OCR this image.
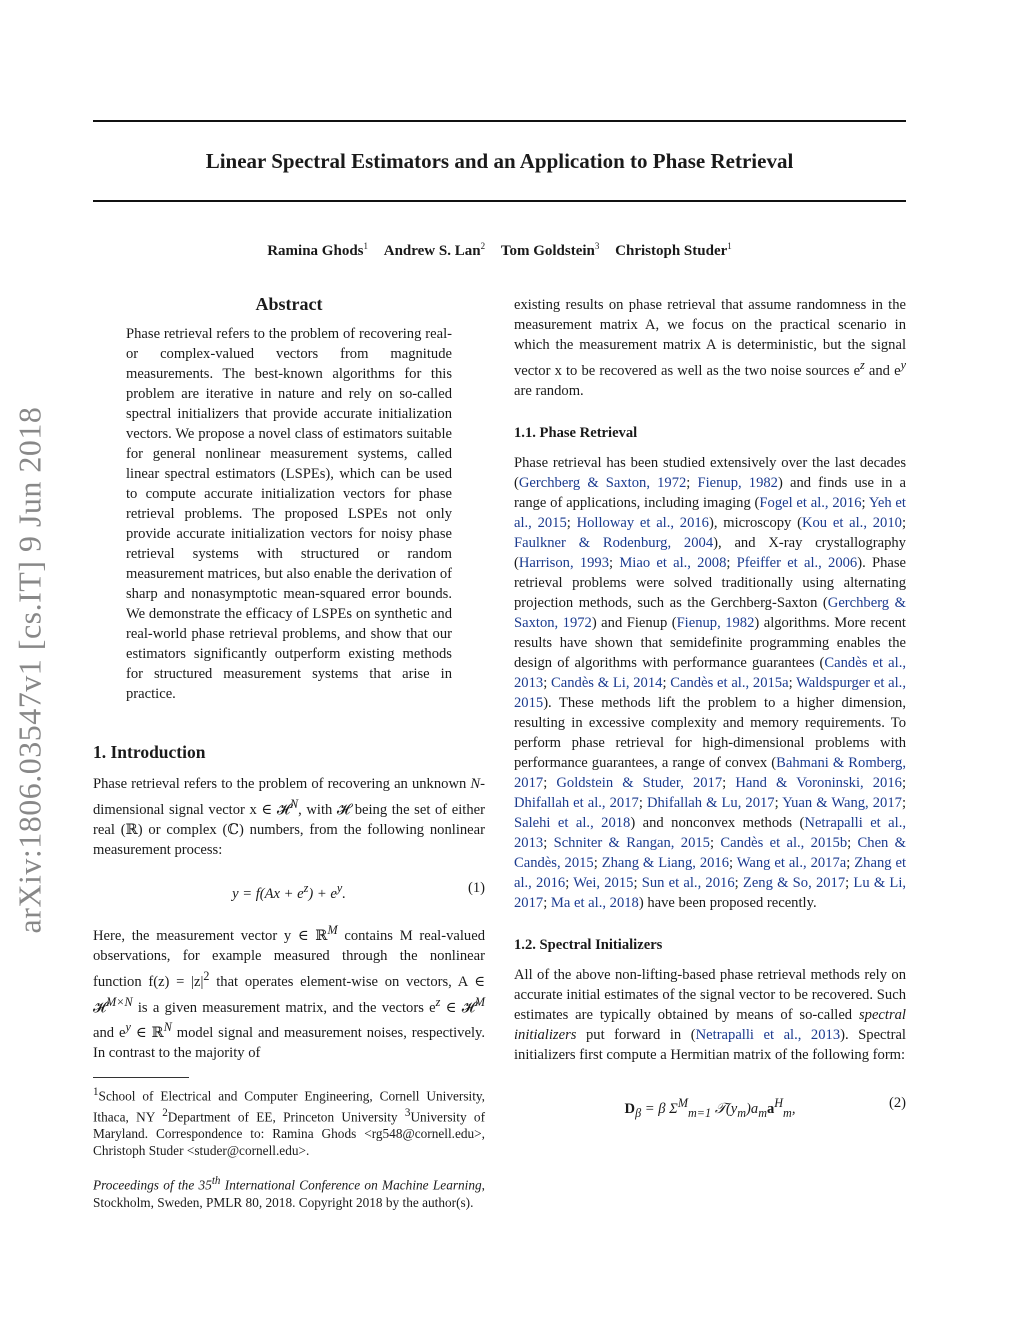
Linear Spectral Estimators and an Application to Phase Retrieval
Ramina Ghods$^1$ Andrew S. Lan$^2$ Tom Goldstein$^3$ Christoph Studer$^1$
arXiv:1806.03547v1 [cs.IT] 9 Jun 2018
Abstract

Phase retrieval refers to the problem of recovering real- or complex-valued vectors from magnitude measurements. The best-known algorithms for this problem are iterative in nature and rely on so-called spectral initializers that provide accurate initialization vectors. We propose a novel class of estimators suitable for general nonlinear measurement systems, called linear spectral estimators (LSPEs), which can be used to compute accurate initialization vectors for phase retrieval problems. The proposed LSPEs not only provide accurate initialization vectors for noisy phase retrieval systems with structured or random measurement matrices, but also enable the derivation of sharp and nonasymptotic mean-squared error bounds. We demonstrate the efficacy of LSPEs on synthetic and real-world phase retrieval problems, and show that our estimators significantly outperform existing methods for structured measurement systems that arise in practice.

1. Introduction

Phase retrieval refers to the problem of recovering an unknown N-dimensional signal vector x ∈ 𝓗$^N$, with 𝓗 being the set of either real (ℝ) or complex (ℂ) numbers, from the following nonlinear measurement process:

$y = f(Ax + e^z) + e^y$.	(1)

Here, the measurement vector y ∈ ℝ$^M$ contains M real-valued observations, for example measured through the nonlinear function $f(z) = |z|^2$ that operates element-wise on vectors, A ∈ 𝓗$^{M\times N}$ is a given measurement matrix, and the vectors $e^z$ ∈ 𝓗$^M$ and $e^y$ ∈ ℝ$^N$ model signal and measurement noises, respectively. In contrast to the majority of

$^1$School of Electrical and Computer Engineering, Cornell University, Ithaca, NY $^2$Department of EE, Princeton University $^3$University of Maryland. Correspondence to: Ramina Ghods <rg548@cornell.edu>, Christoph Studer <studer@cornell.edu>.

Proceedings of the 35th International Conference on Machine Learning, Stockholm, Sweden, PMLR 80, 2018. Copyright 2018 by the author(s).

existing results on phase retrieval that assume randomness in the measurement matrix A, we focus on the practical scenario in which the measurement matrix A is deterministic, but the signal vector x to be recovered as well as the two noise sources $e^z$ and $e^y$ are random.

1.1. Phase Retrieval

Phase retrieval has been studied extensively over the last decades (Gerchberg & Saxton, 1972; Fienup, 1982) and finds use in a range of applications, including imaging (Fogel et al., 2016; Yeh et al., 2015; Holloway et al., 2016), microscopy (Kou et al., 2010; Faulkner & Rodenburg, 2004), and X-ray crystallography (Harrison, 1993; Miao et al., 2008; Pfeiffer et al., 2006). Phase retrieval problems were solved traditionally using alternating projection methods, such as the Gerchberg-Saxton (Gerchberg & Saxton, 1972) and Fienup (Fienup, 1982) algorithms. More recent results have shown that semidefinite programming enables the design of algorithms with performance guarantees (Candès et al., 2013; Candès & Li, 2014; Candès et al., 2015a; Waldspurger et al., 2015). These methods lift the problem to a higher dimension, resulting in excessive complexity and memory requirements. To perform phase retrieval for high-dimensional problems with performance guarantees, a range of convex (Bahmani & Romberg, 2017; Goldstein & Studer, 2017; Hand & Voroninski, 2016; Dhifallah et al., 2017; Dhifallah & Lu, 2017; Yuan & Wang, 2017; Salehi et al., 2018) and nonconvex methods (Netrapalli et al., 2013; Schniter & Rangan, 2015; Candès et al., 2015b; Chen & Candès, 2015; Zhang & Liang, 2016; Wang et al., 2017a; Zhang et al., 2016; Wei, 2015; Sun et al., 2016; Zeng & So, 2017; Lu & Li, 2017; Ma et al., 2018) have been proposed recently.

1.2. Spectral Initializers

All of the above non-lifting-based phase retrieval methods rely on accurate initial estimates of the signal vector to be recovered. Such estimates are typically obtained by means of so-called spectral initializers put forward in (Netrapalli et al., 2013). Spectral initializers first compute a Hermitian matrix of the following form:

$D_\beta = \beta$ $\Sigma^M_{m=1}$ $𝒯(y_m)a_ma^H_m$,	(2)
